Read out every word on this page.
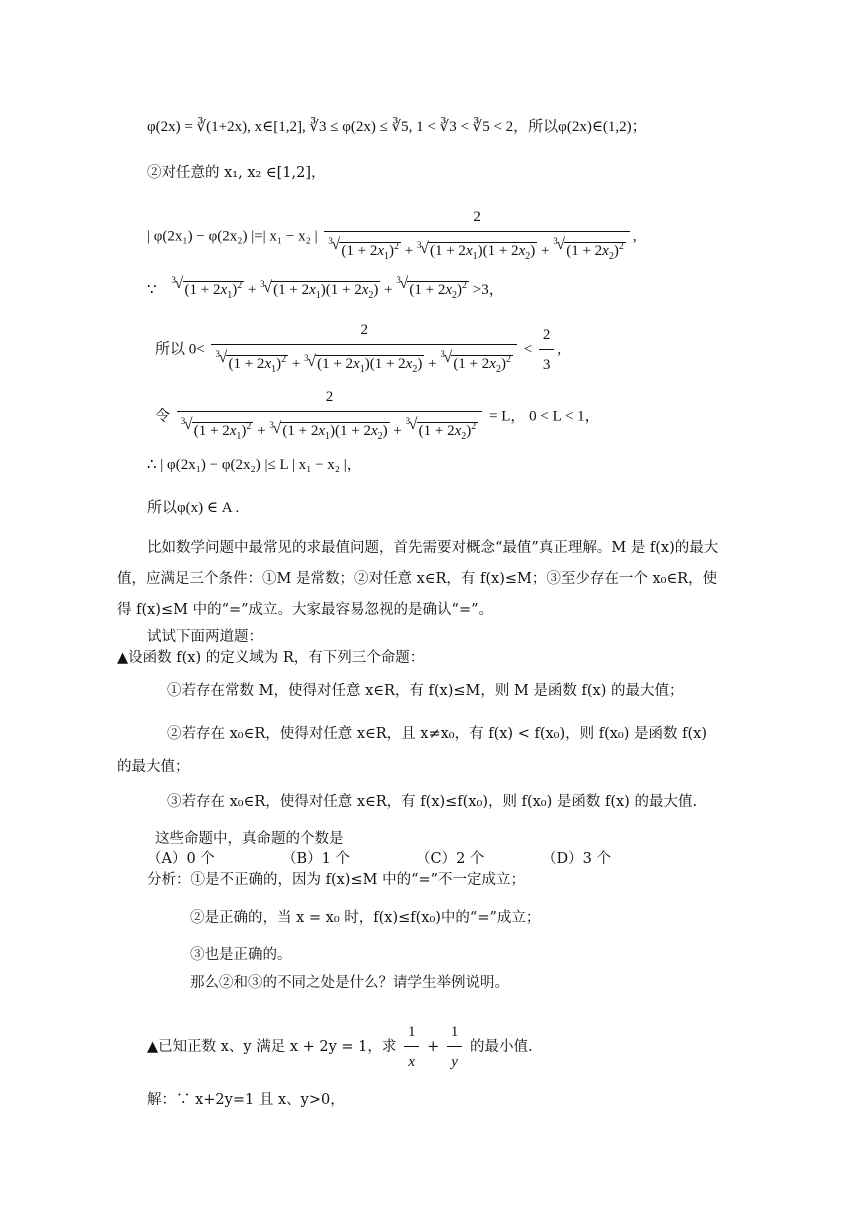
φ(2x) = ∛(1+2x), x∈[1,2], ∛3 ≤ φ(2x) ≤ ∛5, 1 < ∛3 < ∛5 < 2，所以φ(2x)∈(1,2)；
②对任意的 x₁, x₂ ∈[1,2]，
| φ(2x₁) − φ(2x₂) |=| x₁ − x₂ | 2
√ 3
$(1 + 2x_1)^2$ + √ 3 $(1 + 2x_1)(1 + 2x_2)$ +
√ 3
$(1 + 2x_2)^2$ ,
∵
√ 3
$(1 + 2x_1)^2$ + √ 3 $(1 + 2x_1)(1 + 2x_2)$ +
√ 3
$(1 + 2x_2)^2 >3$，
所以 0< 2
√ 3
$(1 + 2x_1)^2$ + √ 3 $(1 + 2x_1)(1 + 2x_2)$ +
√ 3
$(1 + 2x_2)^2 < \frac{2}{3}$ ,
令 2
√ 3
$(1 + 2x_1)^2$ + √ 3 $(1 + 2x_1)(1 + 2x_2)$ +
√ 3
$(1 + 2x_2)^2 = L$， 0 < L < 1，
∴ | φ(2x₁) − φ(2x₂) |≤ L | x₁ − x₂ |，
所以φ(x) ∈ A .
比如数学问题中最常见的求最值问题，首先需要对概念“最值”真正理解。M 是 f(x)的最大
值，应满足三个条件：①M 是常数；②对任意 x∈R，有 f(x)≤M；③至少存在一个 x₀∈R，使
得 f(x)≤M 中的“=”成立。大家最容易忽视的是确认“=”。
试试下面两道题：
▲设函数 f(x) 的定义域为 R，有下列三个命题：
①若存在常数 M，使得对任意 x∈R，有 f(x)≤M，则 M 是函数 f(x) 的最大值；
②若存在 x₀∈R，使得对任意 x∈R，且 x≠x₀，有 f(x) < f(x₀)，则 f(x₀) 是函数 f(x)
的最大值；
③若存在 x₀∈R，使得对任意 x∈R，有 f(x)≤f(x₀)，则 f(x₀) 是函数 f(x) 的最大值.
这些命题中，真命题的个数是
（A）0 个	（B）1 个	（C）2 个	（D）3 个
分析：①是不正确的，因为 f(x)≤M 中的“=”不一定成立；
②是正确的，当 x = x₀ 时，f(x)≤f(x₀)中的“=”成立；
③也是正确的。
那么②和③的不同之处是什么？请学生举例说明。
▲已知正数 x、y 满足 x + 2y = 1，求 $\frac{1}{x} + \frac{1}{y}$ 的最小值.
解：∵ x+2y=1 且 x、y>0，
